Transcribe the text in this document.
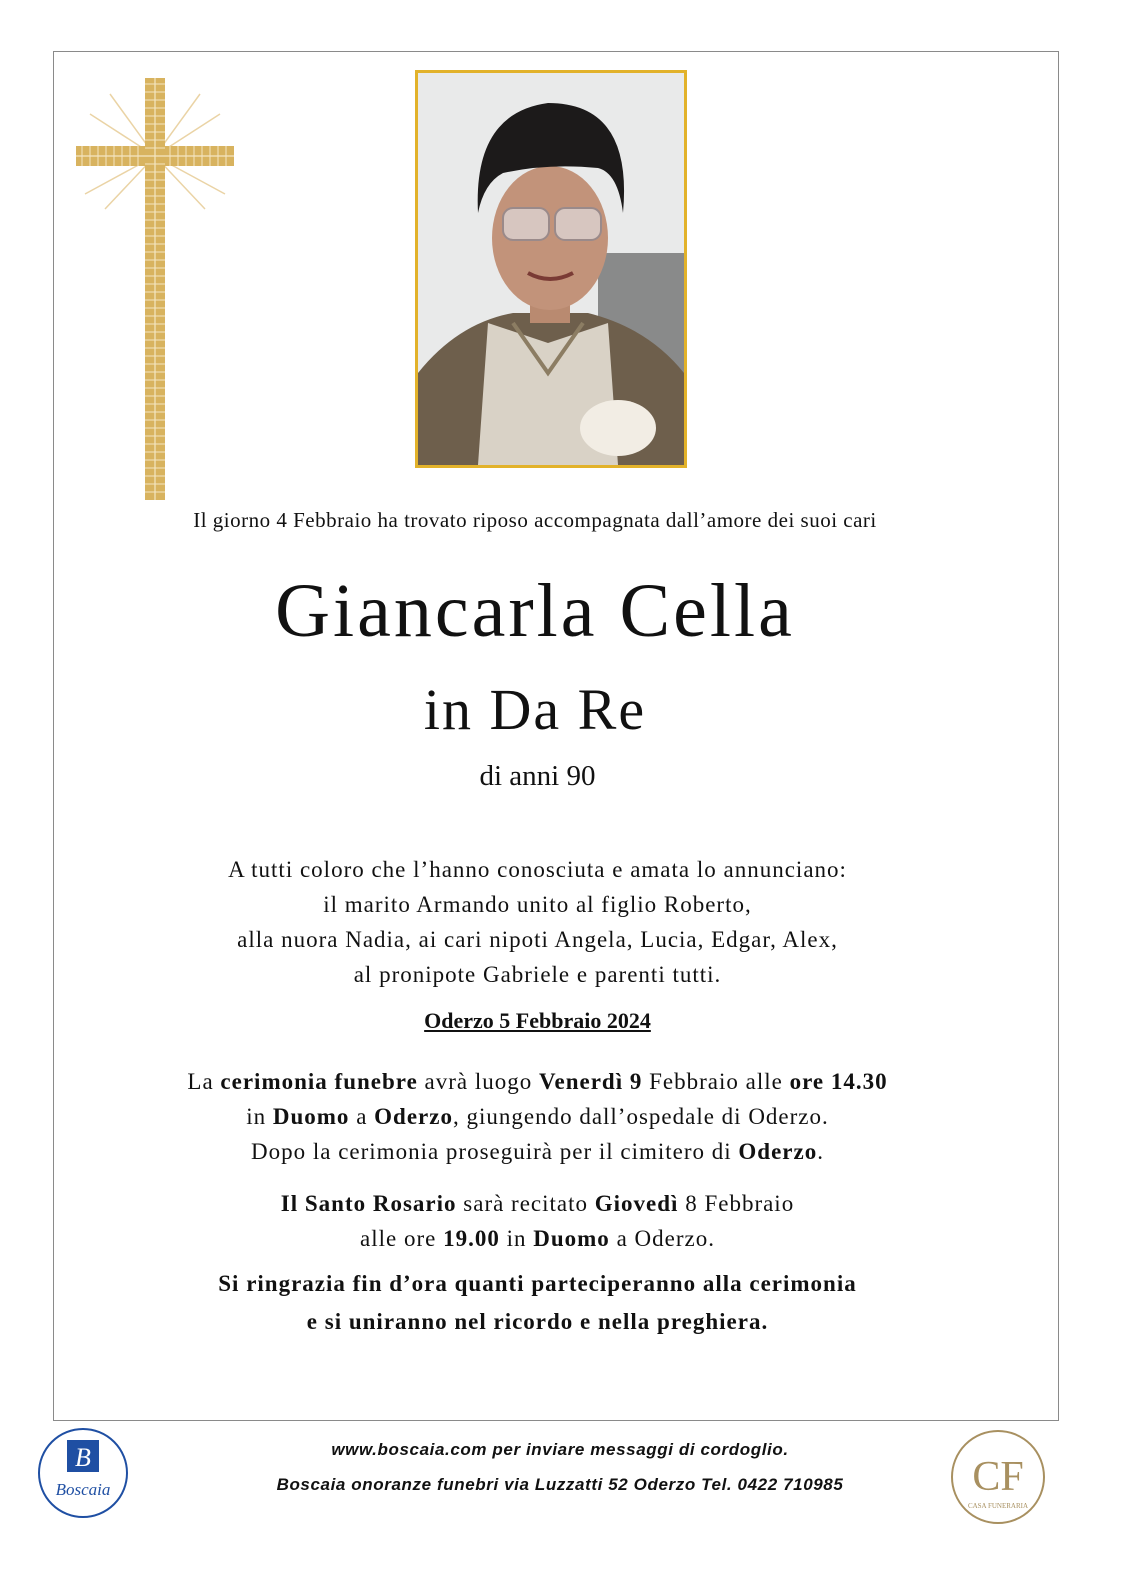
Il giorno 4 Febbraio ha trovato riposo accompagnata dall’amore dei suoi cari
Giancarla Cella
in Da Re
di anni 90
A tutti coloro che l’hanno conosciuta e amata lo annunciano:
il marito Armando unito al figlio Roberto,
alla nuora Nadia, ai cari nipoti Angela, Lucia, Edgar, Alex,
al pronipote Gabriele e parenti tutti.
Oderzo 5 Febbraio 2024
La cerimonia funebre avrà luogo Venerdì 9 Febbraio alle ore 14.30
in Duomo a Oderzo, giungendo dall’ospedale di Oderzo.
Dopo la cerimonia proseguirà per il cimitero di Oderzo.
Il Santo Rosario sarà recitato Giovedì 8 Febbraio
alle ore 19.00 in Duomo a Oderzo.
Si ringrazia fin d’ora quanti parteciperanno alla cerimonia
e si uniranno nel ricordo e nella preghiera.
B
Boscaia	CF
CASA FUNERARIA
www.boscaia.com per inviare messaggi di cordoglio.
Boscaia onoranze funebri via Luzzatti 52 Oderzo Tel. 0422 710985
